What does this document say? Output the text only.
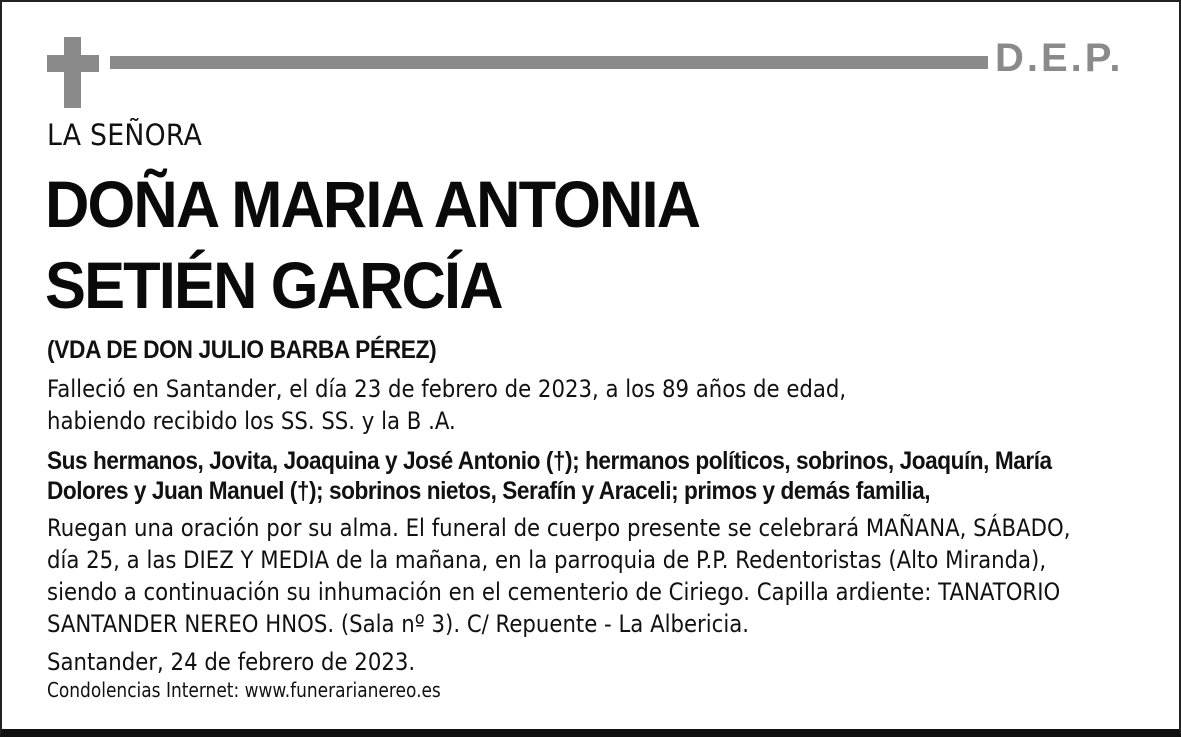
D.E.P.
LA SEÑORA
DOÑA MARIA ANTONIA
SETIÉN GARCÍA
(VDA DE DON JULIO BARBA PÉREZ)
Falleció en Santander, el día 23 de febrero de 2023, a los 89 años de edad,
habiendo recibido los SS. SS. y la B .A.
Sus hermanos, Jovita, Joaquina y José Antonio (†); hermanos políticos, sobrinos, Joaquín, María
Dolores y Juan Manuel (†); sobrinos nietos, Serafín y Araceli; primos y demás familia,
Ruegan una oración por su alma. El funeral de cuerpo presente se celebrará MAÑANA, SÁBADO,
día 25, a las DIEZ Y MEDIA de la mañana, en la parroquia de P.P. Redentoristas (Alto Miranda),
siendo a continuación su inhumación en el cementerio de Ciriego. Capilla ardiente: TANATORIO
SANTANDER NEREO HNOS. (Sala nº 3). C/ Repuente - La Albericia.
Santander, 24 de febrero de 2023.
Condolencias Internet: www.funerarianereo.es
